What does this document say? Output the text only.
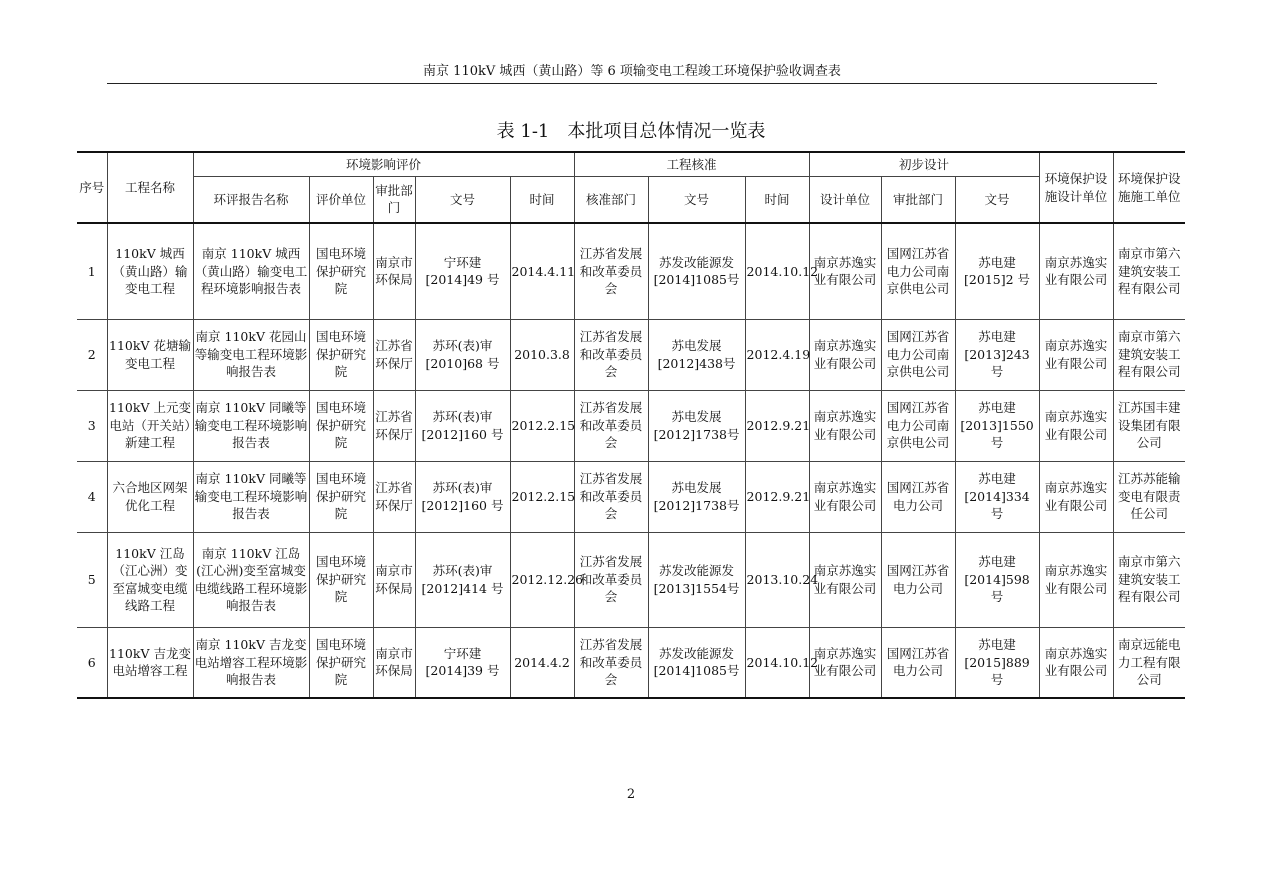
南京 110kV 城西（黄山路）等 6 项输变电工程竣工环境保护验收调查表
表 1-1 本批项目总体情况一览表
序号	工程名称	环境影响评价					工程核准			初步设计			环境保护设施设计单位	环境保护设施施工单位
		环评报告名称	评价单位	审批部门	文号	时间	核准部门	文号	时间	设计单位	审批部门	文号		
1	110kV 城西（黄山路）输变电工程	南京 110kV 城西（黄山路）输变电工程环境影响报告表	国电环境保护研究院	南京市环保局	宁环建[2014]49 号	2014.4.11	江苏省发展和改革委员会	苏发改能源发[2014]1085号	2014.10.12	南京苏逸实业有限公司	国网江苏省电力公司南京供电公司	苏电建[2015]2 号	南京苏逸实业有限公司	南京市第六建筑安装工程有限公司
2	110kV 花塘输变电工程	南京 110kV 花园山等输变电工程环境影响报告表	国电环境保护研究院	江苏省环保厅	苏环(表)审[2010]68 号	2010.3.8	江苏省发展和改革委员会	苏电发展[2012]438号	2012.4.19	南京苏逸实业有限公司	国网江苏省电力公司南京供电公司	苏电建[2013]243 号	南京苏逸实业有限公司	南京市第六建筑安装工程有限公司
3	110kV 上元变电站（开关站）新建工程	南京 110kV 同曦等输变电工程环境影响报告表	国电环境保护研究院	江苏省环保厅	苏环(表)审[2012]160 号	2012.2.15	江苏省发展和改革委员会	苏电发展[2012]1738号	2012.9.21	南京苏逸实业有限公司	国网江苏省电力公司南京供电公司	苏电建[2013]1550 号	南京苏逸实业有限公司	江苏国丰建设集团有限公司
4	六合地区网架优化工程	南京 110kV 同曦等输变电工程环境影响报告表	国电环境保护研究院	江苏省环保厅	苏环(表)审[2012]160 号	2012.2.15	江苏省发展和改革委员会	苏电发展[2012]1738号	2012.9.21	南京苏逸实业有限公司	国网江苏省电力公司	苏电建[2014]334 号	南京苏逸实业有限公司	江苏苏能输变电有限责任公司
5	110kV 江岛（江心洲）变至富城变电缆线路工程	南京 110kV 江岛(江心洲)变至富城变电缆线路工程环境影响报告表	国电环境保护研究院	南京市环保局	苏环(表)审[2012]414 号	2012.12.26	江苏省发展和改革委员会	苏发改能源发[2013]1554号	2013.10.24	南京苏逸实业有限公司	国网江苏省电力公司	苏电建[2014]598 号	南京苏逸实业有限公司	南京市第六建筑安装工程有限公司
6	110kV 吉龙变电站增容工程	南京 110kV 吉龙变电站增容工程环境影响报告表	国电环境保护研究院	南京市环保局	宁环建[2014]39 号	2014.4.2	江苏省发展和改革委员会	苏发改能源发[2014]1085号	2014.10.12	南京苏逸实业有限公司	国网江苏省电力公司	苏电建[2015]889 号	南京苏逸实业有限公司	南京远能电力工程有限公司
2
